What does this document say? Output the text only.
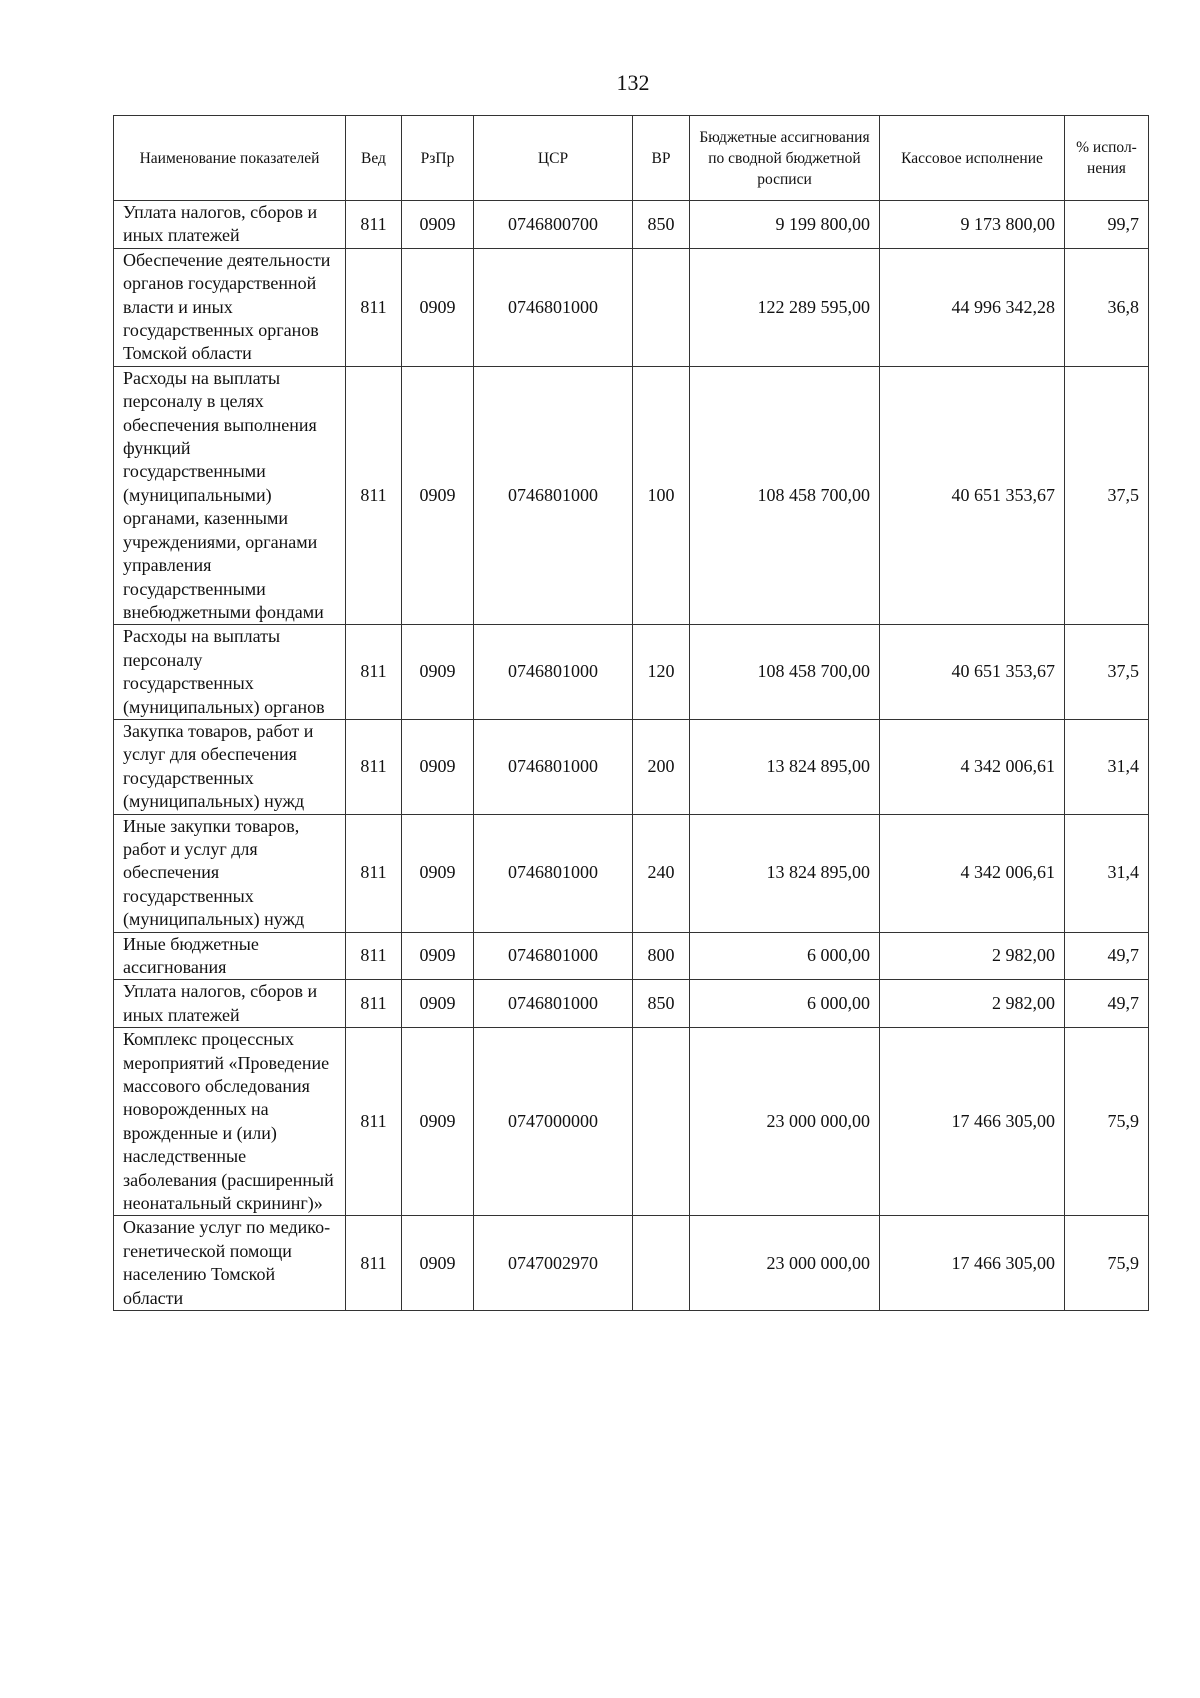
132
Наименование показателей	Вед	РзПр	ЦСР	ВР	Бюджетные ассигнования по сводной бюджетной росписи	Кассовое исполнение	% испол-нения
Уплата налогов, сборов и иных платежей	811	0909	0746800700	850	9 199 800,00	9 173 800,00	99,7
Обеспечение деятельности органов государственной власти и иных государственных органов Томской области	811	0909	0746801000		122 289 595,00	44 996 342,28	36,8
Расходы на выплаты персоналу в целях обеспечения выполнения функций государственными (муниципальными) органами, казенными учреждениями, органами управления государственными внебюджетными фондами	811	0909	0746801000	100	108 458 700,00	40 651 353,67	37,5
Расходы на выплаты персоналу государственных (муниципальных) органов	811	0909	0746801000	120	108 458 700,00	40 651 353,67	37,5
Закупка товаров, работ и услуг для обеспечения государственных (муниципальных) нужд	811	0909	0746801000	200	13 824 895,00	4 342 006,61	31,4
Иные закупки товаров, работ и услуг для обеспечения государственных (муниципальных) нужд	811	0909	0746801000	240	13 824 895,00	4 342 006,61	31,4
Иные бюджетные ассигнования	811	0909	0746801000	800	6 000,00	2 982,00	49,7
Уплата налогов, сборов и иных платежей	811	0909	0746801000	850	6 000,00	2 982,00	49,7
Комплекс процессных мероприятий «Проведение массового обследования новорожденных на врожденные и (или) наследственные заболевания (расширенный неонатальный скрининг)»	811	0909	0747000000		23 000 000,00	17 466 305,00	75,9
Оказание услуг по медико-генетической помощи населению Томской области	811	0909	0747002970		23 000 000,00	17 466 305,00	75,9
